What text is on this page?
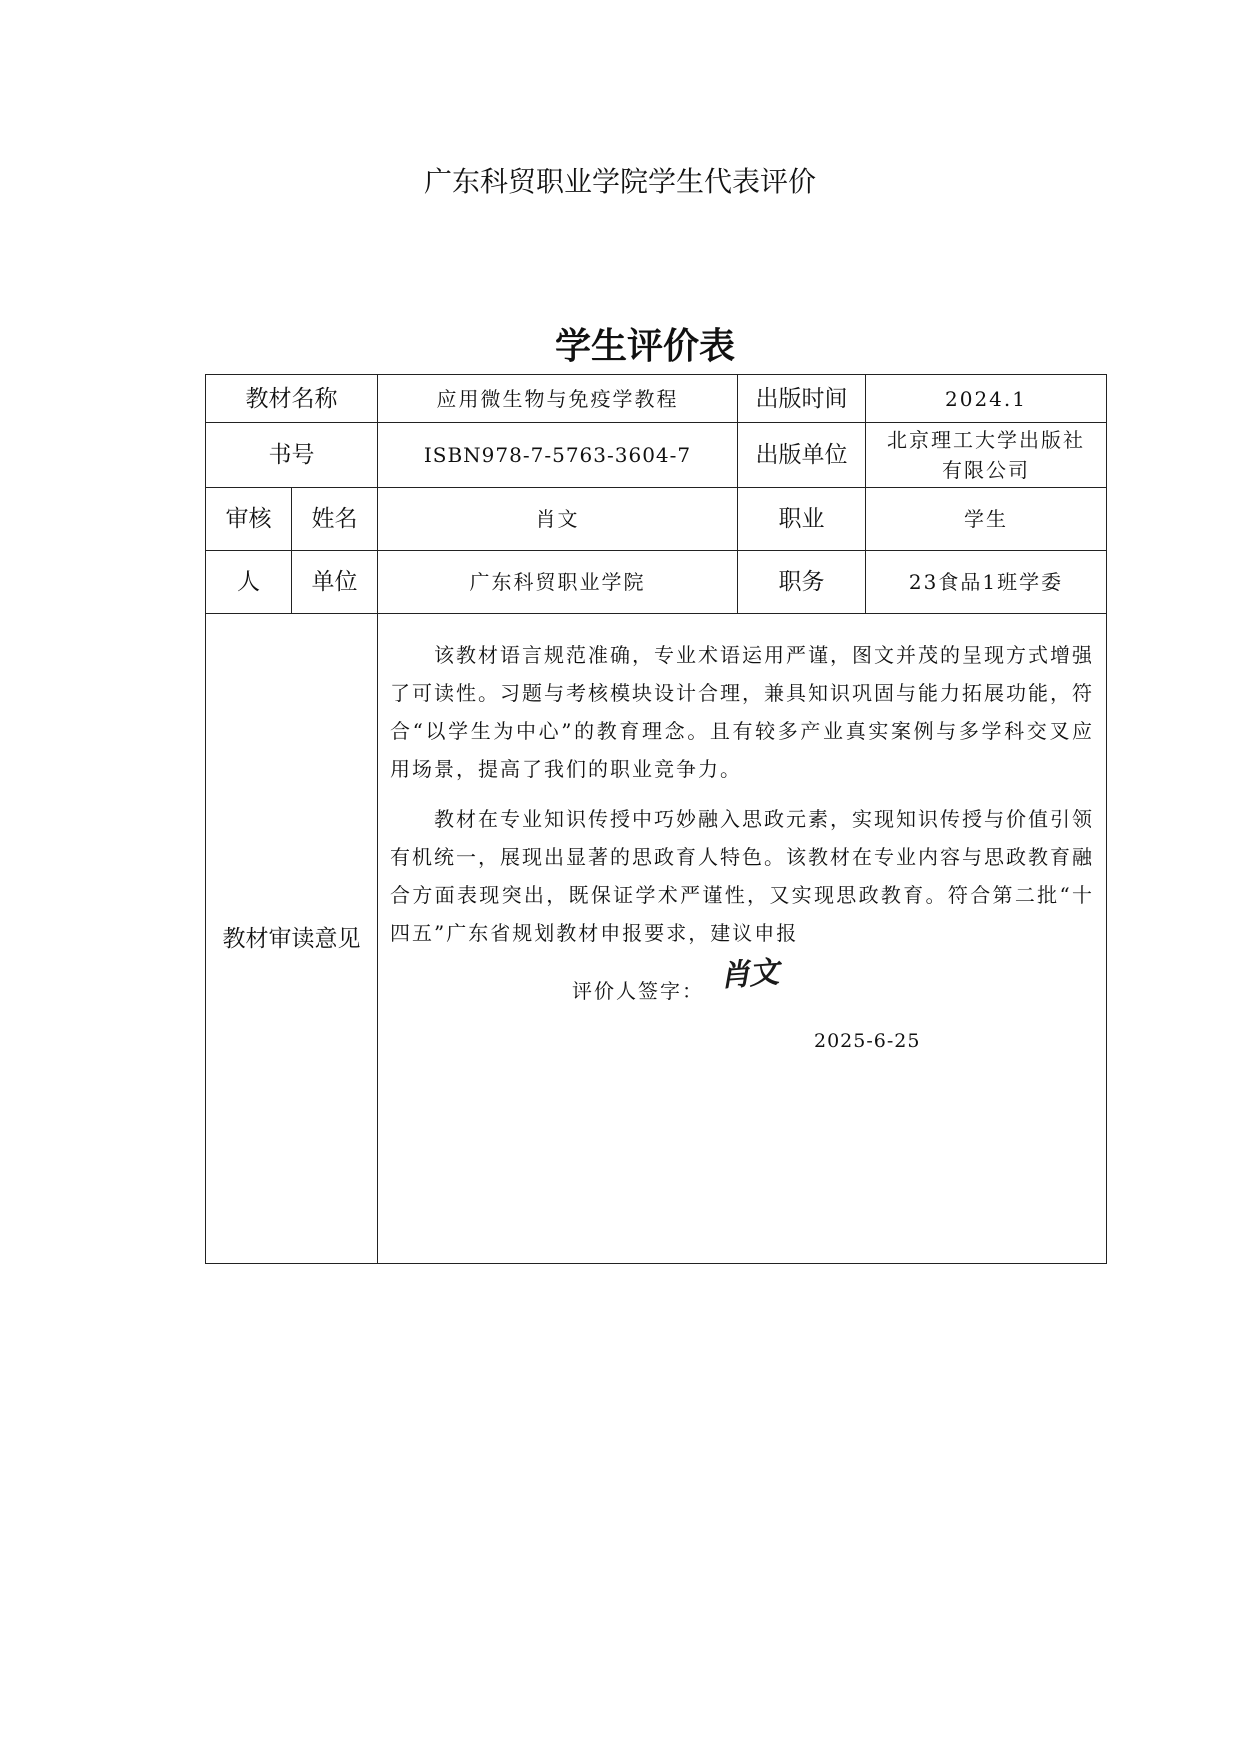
广东科贸职业学院学生代表评价
学生评价表
教材名称		应用微生物与免疫学教程	出版时间	2024.1
书号		ISBN978-7-5763-3604-7	出版单位	北京理工大学出版社
有限公司

审核	姓名	肖文	职业	学生
人	单位	广东科贸职业学院	职务	23食品1班学委
教材审读意见		该教材语言规范准确，专业术语运用严谨，图文并茂的呈现方式增强了可读性。习题与考核模块设计合理，兼具知识巩固与能力拓展功能，符合“以学生为中心”的教育理念。且有较多产业真实案例与多学科交叉应用场景，提高了我们的职业竞争力。

教材在专业知识传授中巧妙融入思政元素，实现知识传授与价值引领有机统一，展现出显著的思政育人特色。该教材在专业内容与思政教育融合方面表现突出，既保证学术严谨性，又实现思政教育。符合第二批“十四五”广东省规划教材申报要求，建议申报

评价人签字： 肖文
2025-6-25		
